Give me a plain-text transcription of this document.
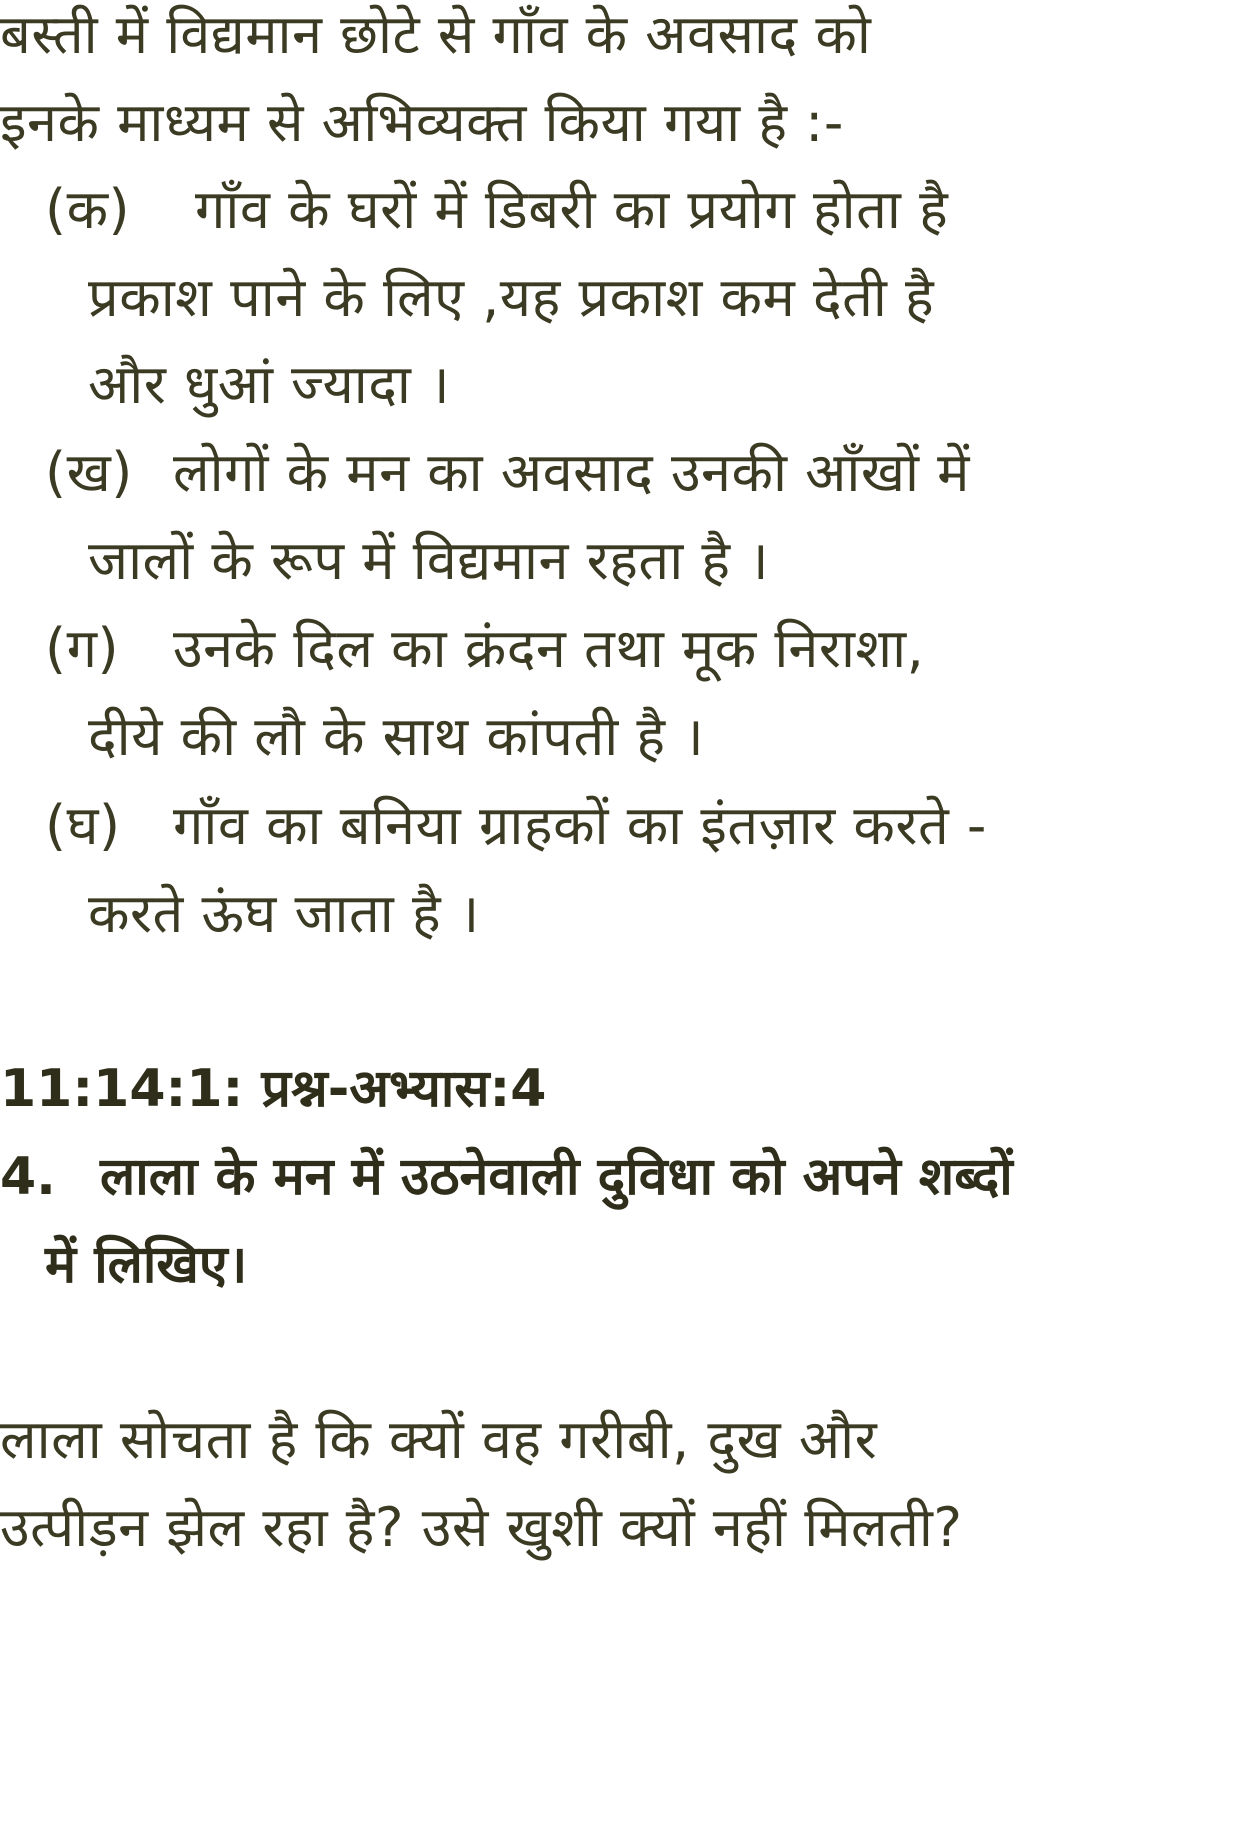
बस्ती में विद्यमान छोटे से गाँव के अवसाद को
इनके माध्यम से अभिव्यक्त किया गया है :-
(क) गाँव के घरों में डिबरी का प्रयोग होता है
प्रकाश पाने के लिए ,यह प्रकाश कम देती है
और धुआं ज्यादा ।
(ख) लोगों के मन का अवसाद उनकी आँखों में
जालों के रूप में विद्यमान रहता है ।
(ग) उनके दिल का क्रंदन तथा मूक निराशा,
दीये की लौ के साथ कांपती है ।
(घ) गाँव का बनिया ग्राहकों का इंतज़ार करते -
करते ऊंघ जाता है ।
11:14:1: प्रश्न-अभ्यास:4
4. लाला के मन में उठनेवाली दुविधा को अपने शब्दों
में लिखिए।
लाला सोचता है कि क्यों वह गरीबी, दुख और
उत्पीड़न झेल रहा है? उसे खुशी क्यों नहीं मिलती?
